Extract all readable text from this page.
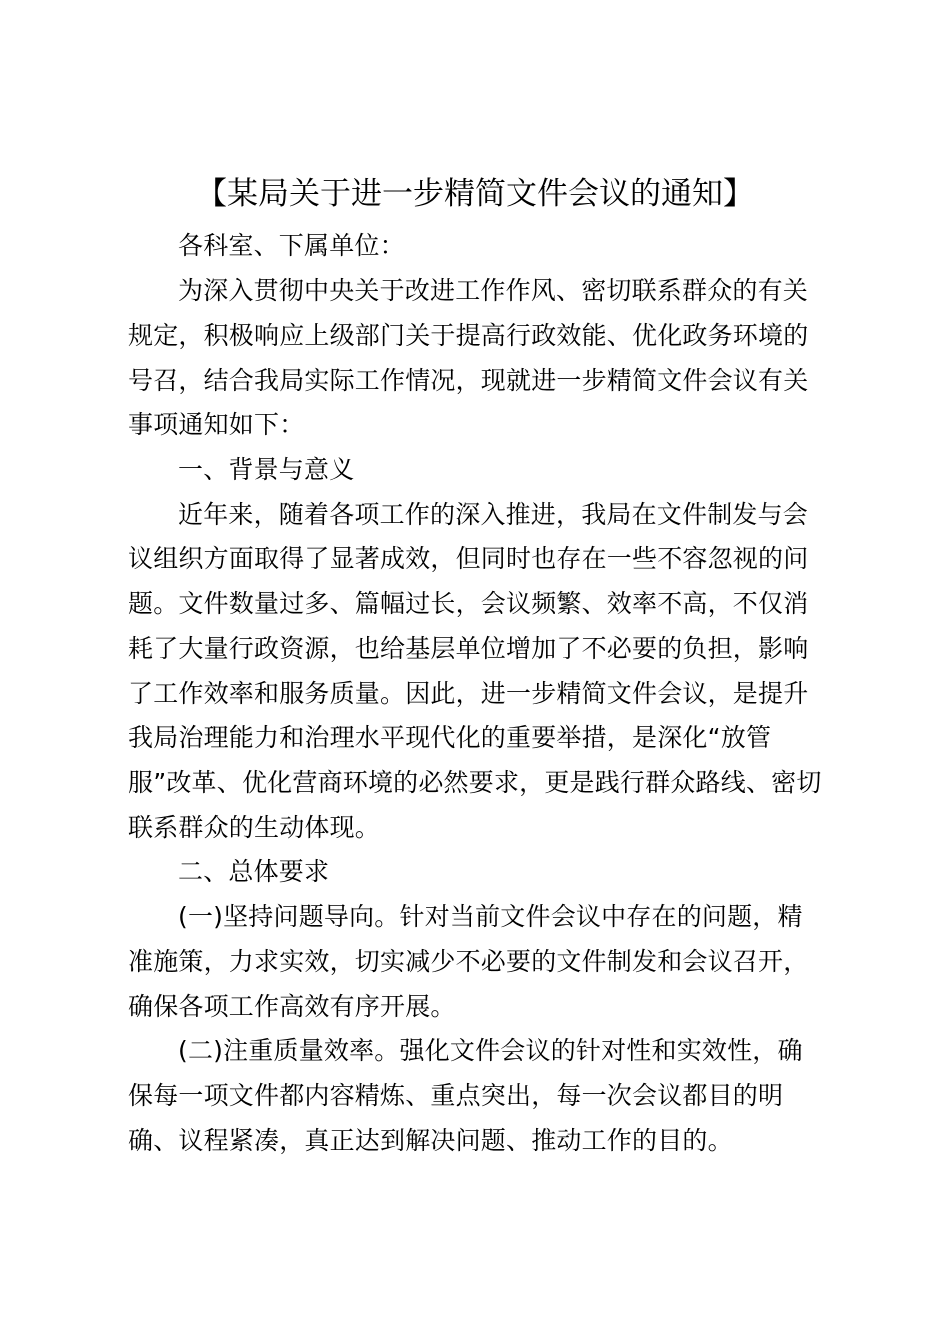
【某局关于进一步精简文件会议的通知】
各科室、下属单位：
为深入贯彻中央关于改进工作作风、密切联系群众的有关
规定，积极响应上级部门关于提高行政效能、优化政务环境的
号召，结合我局实际工作情况，现就进一步精简文件会议有关
事项通知如下：
一、背景与意义
近年来，随着各项工作的深入推进，我局在文件制发与会
议组织方面取得了显著成效，但同时也存在一些不容忽视的问
题。文件数量过多、篇幅过长，会议频繁、效率不高，不仅消
耗了大量行政资源，也给基层单位增加了不必要的负担，影响
了工作效率和服务质量。因此，进一步精简文件会议，是提升
我局治理能力和治理水平现代化的重要举措，是深化“放管
服”改革、优化营商环境的必然要求，更是践行群众路线、密切
联系群众的生动体现。
二、总体要求
(一)坚持问题导向。针对当前文件会议中存在的问题，精
准施策，力求实效，切实减少不必要的文件制发和会议召开，
确保各项工作高效有序开展。
(二)注重质量效率。强化文件会议的针对性和实效性，确
保每一项文件都内容精炼、重点突出，每一次会议都目的明
确、议程紧凑，真正达到解决问题、推动工作的目的。
